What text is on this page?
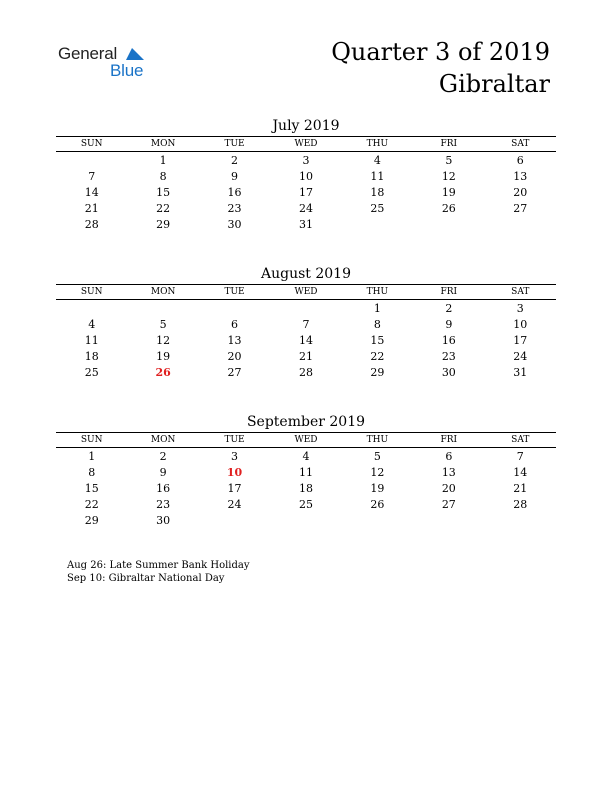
General
Blue
Quarter 3 of 2019
Gibraltar
July 2019
SUN	MON	TUE	WED	THU	FRI	SAT
	1	2	3	4	5	6
7	8	9	10	11	12	13
14	15	16	17	18	19	20
21	22	23	24	25	26	27
28	29	30	31			
August 2019
SUN	MON	TUE	WED	THU	FRI	SAT
				1	2	3
4	5	6	7	8	9	10
11	12	13	14	15	16	17
18	19	20	21	22	23	24
25	26	27	28	29	30	31
September 2019
SUN	MON	TUE	WED	THU	FRI	SAT
1	2	3	4	5	6	7
8	9	10	11	12	13	14
15	16	17	18	19	20	21
22	23	24	25	26	27	28
29	30					
Aug 26: Late Summer Bank Holiday
Sep 10: Gibraltar National Day
